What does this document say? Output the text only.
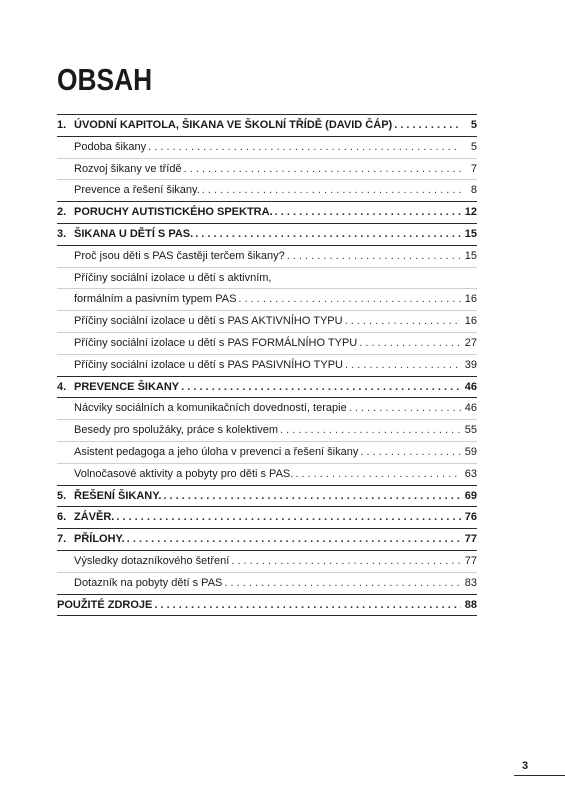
OBSAH
1. ÚVODNÍ KAPITOLA, ŠIKANA VE ŠKOLNÍ TŘÍDĚ (DAVID ČÁP) . . .	5
Podoba šikany . . .	5
Rozvoj šikany ve třídě . . .	7
Prevence a řešení šikany. . . .	8
2. PORUCHY AUTISTICKÉHO SPEKTRA. . . .	12
3. ŠIKANA U DĚTÍ S PAS. . . .	15
Proč jsou děti s PAS častěji terčem šikany? . . .	15
Příčiny sociální izolace u dětí s aktivním,
formálním a pasivním typem PAS . . .	16
Příčiny sociální izolace u dětí s PAS AKTIVNÍHO TYPU . . .	16
Příčiny sociální izolace u dětí s PAS FORMÁLNÍHO TYPU . . .	27
Příčiny sociální izolace u dětí s PAS PASIVNÍHO TYPU . . .	39
4. PREVENCE ŠIKANY . . .	46
Nácviky sociálních a komunikačních dovedností, terapie . . .	46
Besedy pro spolužáky, práce s kolektivem . . .	55
Asistent pedagoga a jeho úloha v prevenci a řešení šikany . . .	59
Volnočasové aktivity a pobyty pro děti s PAS. . . .	63
5. ŘEŠENÍ ŠIKANY. . . .	69
6. ZÁVĚR. . . .	76
7. PŘÍLOHY. . . .	77
Výsledky dotazníkového šetření . . .	77
Dotazník na pobyty dětí s PAS . . .	83
POUŽITÉ ZDROJE . . .	88
3
